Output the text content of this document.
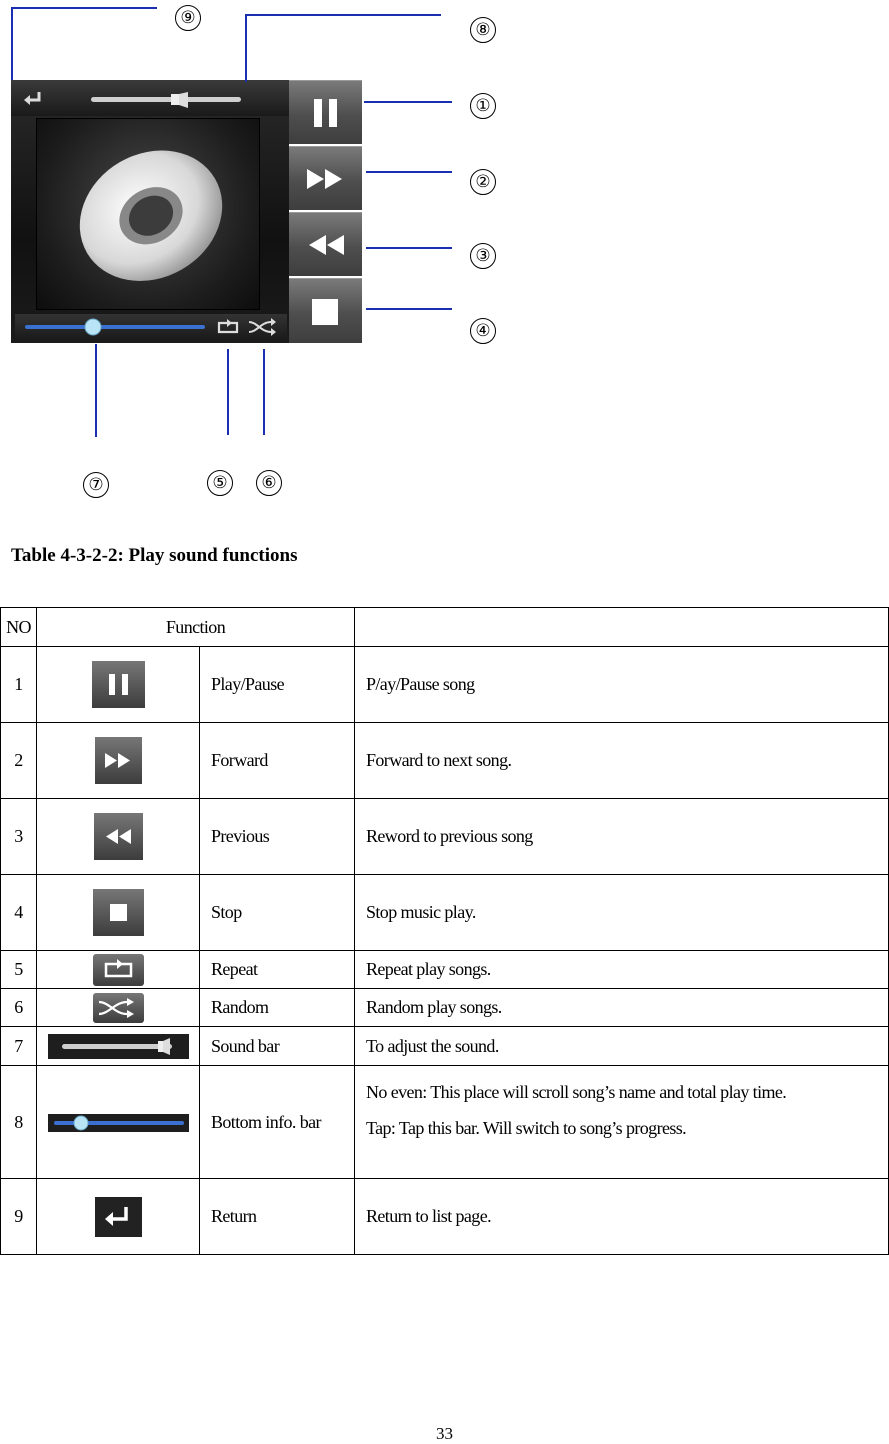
⑨
⑧
①
②
③
④
⑦	⑤	⑥
Table 4-3-2-2: Play sound functions
NO	Function		
1		Play/Pause	P/ay/Pause song
2		Forward	Forward to next song.
3		Previous	Reword to previous song
4		Stop	Stop music play.
5		Repeat	Repeat play songs.
6		Random	Random play songs.
7		Sound bar	To adjust the sound.
8		Bottom info. bar	No even: This place will scroll song’s name and total play time.
Tap: Tap this bar. Will switch to song’s progress.

9		Return	Return to list page.
33
